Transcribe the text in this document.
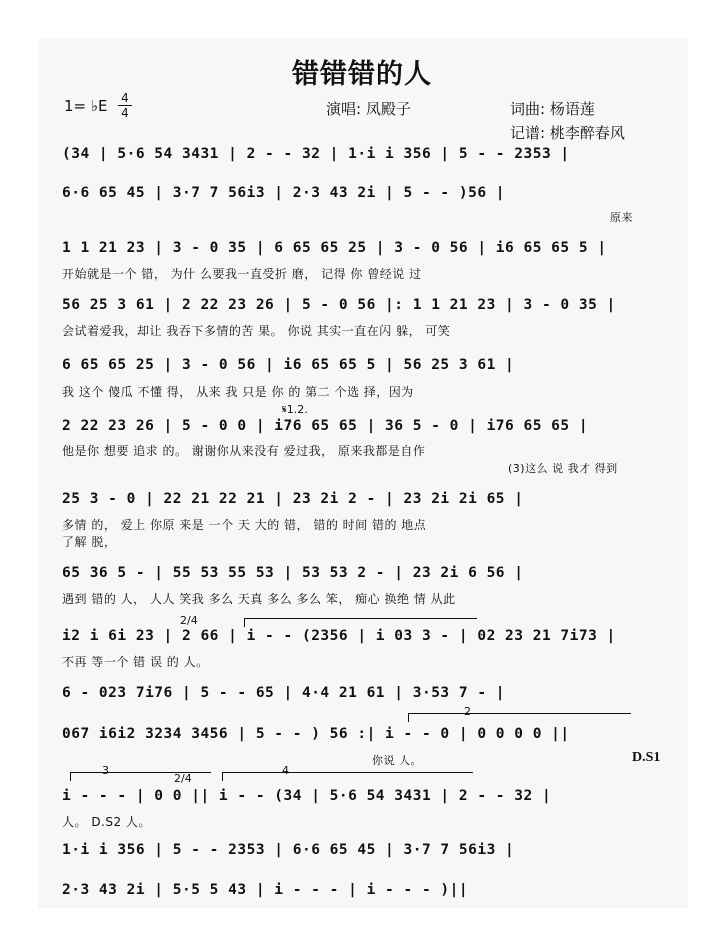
错错错的人
1= ♭E 4
4	演唱: 凤殿子	词曲: 杨语莲
记谱: 桃李醉春风
(34 | 5·6 54 3431 | 2 - - 32 | 1·i i 356 | 5 - - 2353 |
6·6 65 45 | 3·7 7 56i3 | 2·3 43 2i | 5 - - )56 |
原来
1 1 21 23 | 3 - 0 35 | 6 65 65 25 | 3 - 0 56 | i6 65 65 5 |
开始就是一个 错， 为什 么要我一直受折 磨， 记得 你 曾经说 过
56 25 3 61 | 2 22 23 26 | 5 - 0 56 |: 1 1 21 23 | 3 - 0 35 |
会试着爱我，却让 我吞下多情的苦 果。 你说 其实一直在闪 躲， 可笑
6 65 65 25 | 3 - 0 56 | i6 65 65 5 | 56 25 3 61 |
我 这个 傻瓜 不懂 得， 从来 我 只是 你 的 第二 个选 择，因为
𝄋1.2.
2 22 23 26 | 5 - 0 0 | i76 65 65 | 36 5 - 0 | i76 65 65 |
他是你 想要 追求 的。 谢谢你从来没有 爱过我， 原来我都是自作
(3)这么 说 我才 得到
25 3 - 0 | 22 21 22 21 | 23 2i 2 - | 23 2i 2i 65 |
多情 的， 爱上 你原 来是 一个 天 大的 错， 错的 时间 错的 地点
了解 脱，
65 36 5 - | 55 53 55 53 | 53 53 2 - | 23 2i 6 56 |
遇到 错的 人， 人人 笑我 多么 天真 多么 多么 笨， 痴心 换绝 情 从此
2/4
i2 i 6i 23 | 2 66 | i - - (2356 | i 03 3 - | 02 23 21 7i73 |
不再 等一个 错 误 的 人。
6 - 023 7i76 | 5 - - 65 | 4·4 21 61 | 3·53 7 - |
2
067 i6i2 3234 3456 | 5 - - ) 56 :| i - - 0 | 0 0 0 0 ||
你说 人。	D.S1
3
2/4
4
i - - - | 0 0 || i - - (34 | 5·6 54 3431 | 2 - - 32 |
人。 D.S2 人。
1·i i 356 | 5 - - 2353 | 6·6 65 45 | 3·7 7 56i3 |
2·3 43 2i | 5·5 5 43 | i - - - | i - - - )||
